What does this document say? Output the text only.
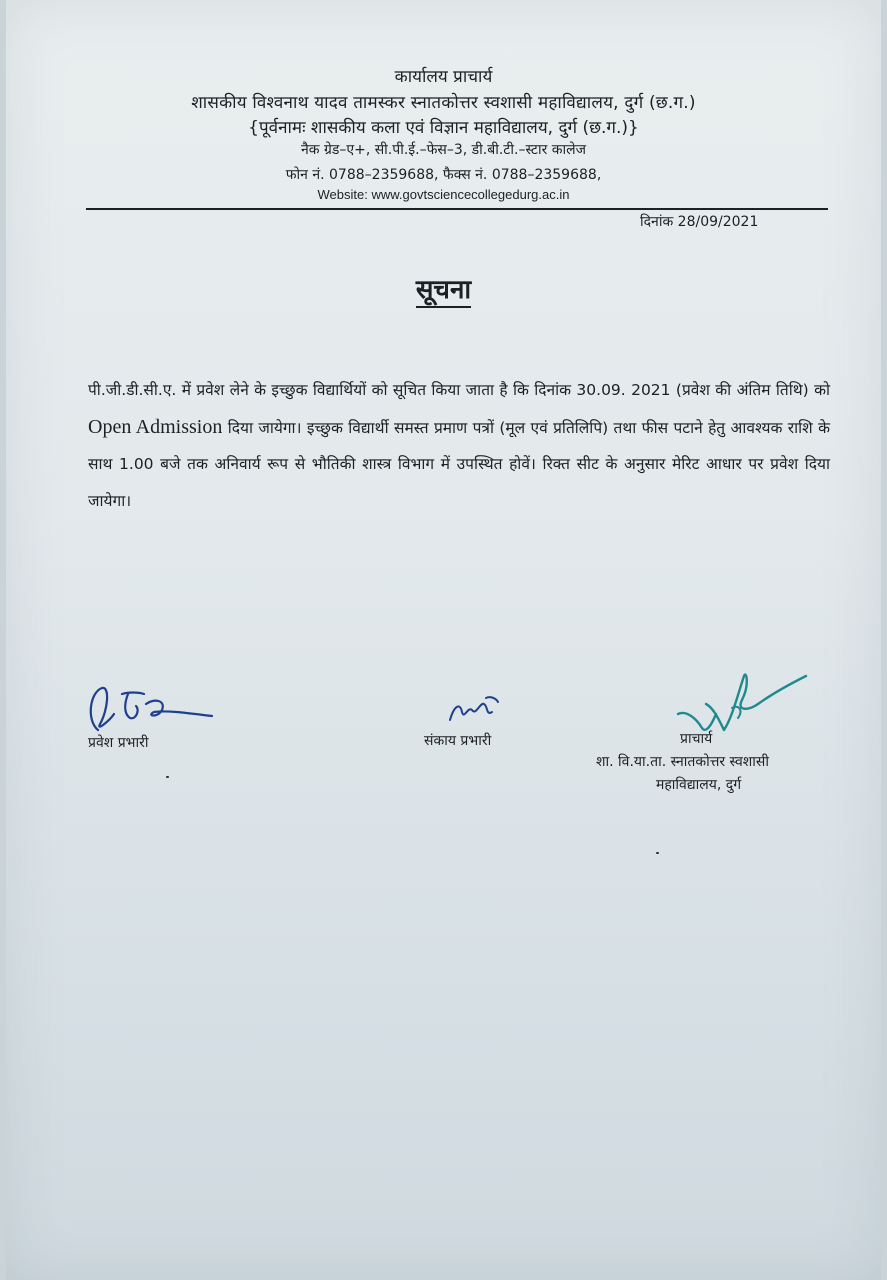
कार्यालय प्राचार्य
शासकीय विश्वनाथ यादव तामस्कर स्नातकोत्तर स्वशासी महाविद्यालय, दुर्ग (छ.ग.)
{पूर्वनामः शासकीय कला एवं विज्ञान महाविद्यालय, दुर्ग (छ.ग.)}
नैक ग्रेड–ए+, सी.पी.ई.–फेस–3, डी.बी.टी.–स्टार कालेज
फोन नं. 0788–2359688, फैक्स नं. 0788–2359688,
Website: www.govtsciencecollegedurg.ac.in
दिनांक 28/09/2021
सूचना
पी.जी.डी.सी.ए. में प्रवेश लेने के इच्छुक विद्यार्थियों को सूचित किया जाता है कि दिनांक 30.09. 2021 (प्रवेश की अंतिम तिथि) को Open Admission दिया जायेगा। इच्छुक विद्यार्थी समस्त प्रमाण पत्रों (मूल एवं प्रतिलिपि) तथा फीस पटाने हेतु आवश्यक राशि के साथ 1.00 बजे तक अनिवार्य रूप से भौतिकी शास्त्र विभाग में उपस्थित होवें। रिक्त सीट के अनुसार मेरिट आधार पर प्रवेश दिया जायेगा।
प्रवेश प्रभारी	संकाय प्रभारी	प्राचार्य
शा. वि.या.ता. स्नातकोत्तर स्वशासी
महाविद्यालय, दुर्ग
